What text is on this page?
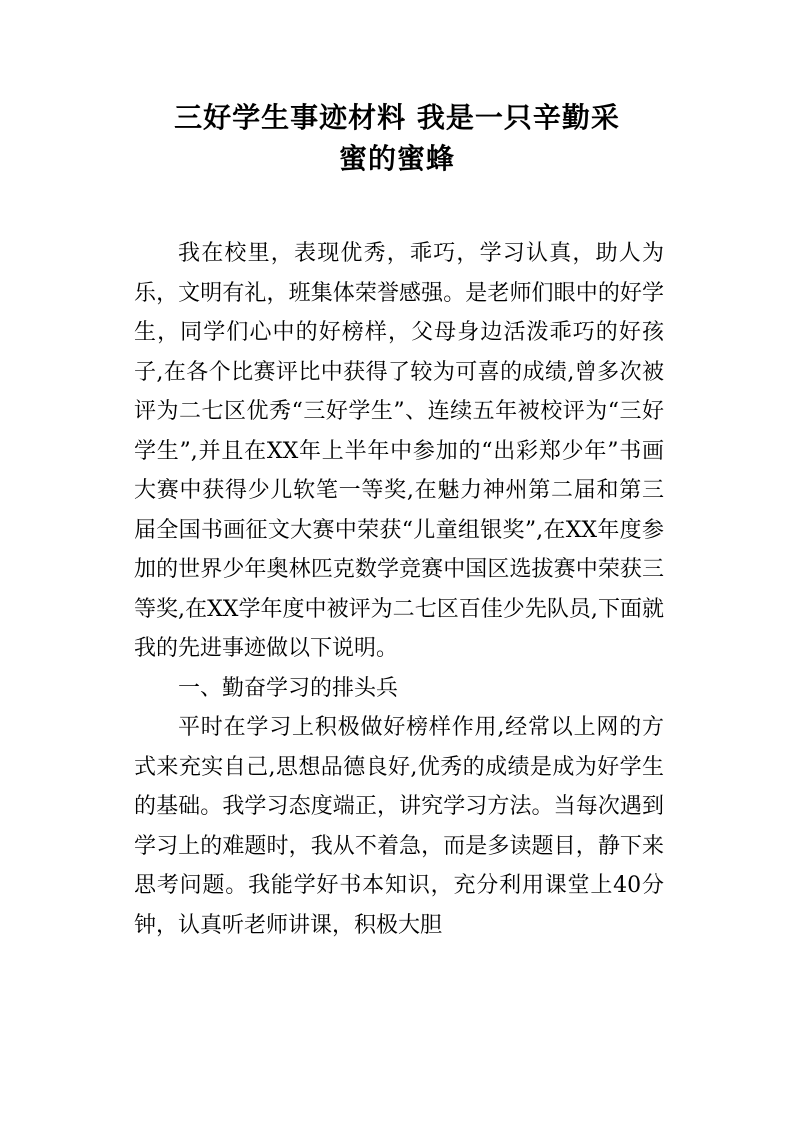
三好学生事迹材料 我是一只辛勤采
蜜的蜜蜂

我在校里，表现优秀，乖巧，学习认真，助人为乐，文明有礼，班集体荣誉感强。是老师们眼中的好学生，同学们心中的好榜样，父母身边活泼乖巧的好孩子,在各个比赛评比中获得了较为可喜的成绩,曾多次被评为二七区优秀“三好学生”、连续五年被校评为“三好学生”,并且在XX年上半年中参加的“出彩郑少年”书画大赛中获得少儿软笔一等奖,在魅力神州第二届和第三届全国书画征文大赛中荣获“儿童组银奖”,在XX年度参加的世界少年奥林匹克数学竞赛中国区选拔赛中荣获三等奖,在XX学年度中被评为二七区百佳少先队员,下面就我的先进事迹做以下说明。

一、勤奋学习的排头兵

平时在学习上积极做好榜样作用,经常以上网的方式来充实自己,思想品德良好,优秀的成绩是成为好学生的基础。我学习态度端正，讲究学习方法。当每次遇到学习上的难题时，我从不着急，而是多读题目，静下来思考问题。我能学好书本知识，充分利用课堂上40分钟，认真听老师讲课，积极大胆
